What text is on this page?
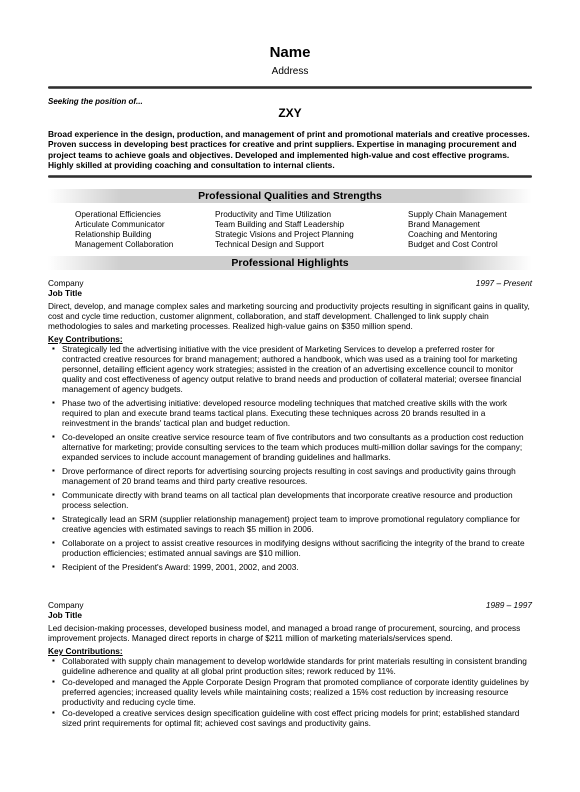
Name
Address
Seeking the position of...
ZXY
Broad experience in the design, production, and management of print and promotional materials and creative processes. Proven success in developing best practices for creative and print suppliers. Expertise in managing procurement and project teams to achieve goals and objectives. Developed and implemented high-value and cost effective programs. Highly skilled at providing coaching and consultation to internal clients.
Professional Qualities and Strengths
Operational Efficiencies
Articulate Communicator
Relationship Building
Management Collaboration
Productivity and Time Utilization
Team Building and Staff Leadership
Strategic Visions and Project Planning
Technical Design and Support
Supply Chain Management
Brand Management
Coaching and Mentoring
Budget and Cost Control
Professional Highlights
Company	1997 – Present
Job Title
Direct, develop, and manage complex sales and marketing sourcing and productivity projects resulting in significant gains in quality, cost and cycle time reduction, customer alignment, collaboration, and staff development. Challenged to link supply chain methodologies to sales and marketing processes. Realized high-value gains on $350 million spend.
Key Contributions:
▪ Strategically led the advertising initiative with the vice president of Marketing Services to develop a preferred roster for contracted creative resources for brand management; authored a handbook, which was used as a training tool for marketing personnel, detailing efficient agency work strategies; assisted in the creation of an advertising excellence council to monitor quality and cost effectiveness of agency output relative to brand needs and production of collateral material; oversee financial management of agency budgets.
▪ Phase two of the advertising initiative: developed resource modeling techniques that matched creative skills with the work required to plan and execute brand teams tactical plans. Executing these techniques across 20 brands resulted in a reinvestment in the brands' tactical plan and budget reduction.
▪ Co-developed an onsite creative service resource team of five contributors and two consultants as a production cost reduction alternative for marketing; provide consulting services to the team which produces multi-million dollar savings for the company; expanded services to include account management of branding guidelines and hallmarks.
▪ Drove performance of direct reports for advertising sourcing projects resulting in cost savings and productivity gains through management of 20 brand teams and third party creative resources.
▪ Communicate directly with brand teams on all tactical plan developments that incorporate creative resource and production process selection.
▪ Strategically lead an SRM (supplier relationship management) project team to improve promotional regulatory compliance for creative agencies with estimated savings to reach $5 million in 2006.
▪ Collaborate on a project to assist creative resources in modifying designs without sacrificing the integrity of the brand to create production efficiencies; estimated annual savings are $10 million.
▪ Recipient of the President's Award: 1999, 2001, 2002, and 2003.
Company	1989 – 1997
Job Title
Led decision-making processes, developed business model, and managed a broad range of procurement, sourcing, and process improvement projects. Managed direct reports in charge of $211 million of marketing materials/services spend.
Key Contributions:
▪ Collaborated with supply chain management to develop worldwide standards for print materials resulting in consistent branding guideline adherence and quality at all global print production sites; rework reduced by 11%.
▪ Co-developed and managed the Apple Corporate Design Program that promoted compliance of corporate identity guidelines by preferred agencies; increased quality levels while maintaining costs; realized a 15% cost reduction by increasing resource productivity and reducing cycle time.
▪ Co-developed a creative services design specification guideline with cost effect pricing models for print; established standard sized print requirements for optimal fit; achieved cost savings and productivity gains.
